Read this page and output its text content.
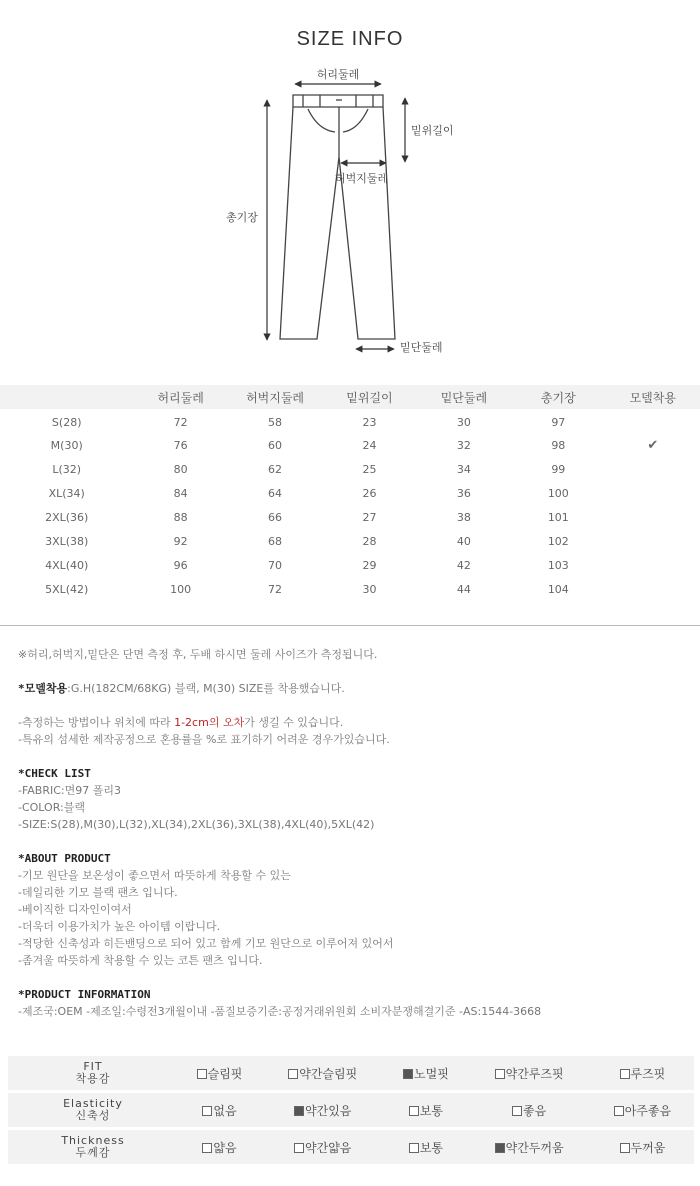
SIZE INFO
허리둘레
밑위길이
허벅지둘레
총기장
밑단둘레
	허리둘레	허벅지둘레	밑위길이	밑단둘레	총기장	모델착용
S(28)	72	58	23	30	97	
M(30)	76	60	24	32	98	✔
L(32)	80	62	25	34	99	
XL(34)	84	64	26	36	100	
2XL(36)	88	66	27	38	101	
3XL(38)	92	68	28	40	102	
4XL(40)	96	70	29	42	103	
5XL(42)	100	72	30	44	104	

※허리,허벅지,밑단은 단면 측정 후, 두배 하시면 둘레 사이즈가 측정됩니다.

*모델착용:G.H(182CM/68KG) 블랙, M(30) SIZE를 착용했습니다.

-측정하는 방법이나 위치에 따라 1-2cm의 오차가 생길 수 있습니다.

-특유의 섬세한 제작공정으로 혼용률을 %로 표기하기 어려운 경우가있습니다.

*CHECK LIST

-FABRIC:면97 폴리3

-COLOR:블랙

-SIZE:S(28),M(30),L(32),XL(34),2XL(36),3XL(38),4XL(40),5XL(42)

*ABOUT PRODUCT

-기모 원단을 보온성이 좋으면서 따뜻하게 착용할 수 있는

-데일리한 기모 블랙 팬츠 입니다.

-베이직한 디자인이여서

-더욱더 이용가치가 높은 아이템 이랍니다.

-적당한 신축성과 히든밴딩으로 되어 있고 함께 기모 원단으로 이루어져 있어서

-좀겨울 따뜻하게 착용할 수 있는 코튼 팬츠 입니다.

*PRODUCT INFORMATION

-제조국:OEM -제조일:수령전3개월이내 -품질보증기준:공정거래위원회 소비자분쟁해결기준 -AS:1544-3668

FIT
착용감	슬림핏	약간슬림핏	노멀핏	약간루즈핏	루즈핏

Elasticity
신축성	없음	약간있음	보통	좋음	아주좋음

Thickness
두께감	얇음	약간얇음	보통	약간두꺼움	두꺼움
